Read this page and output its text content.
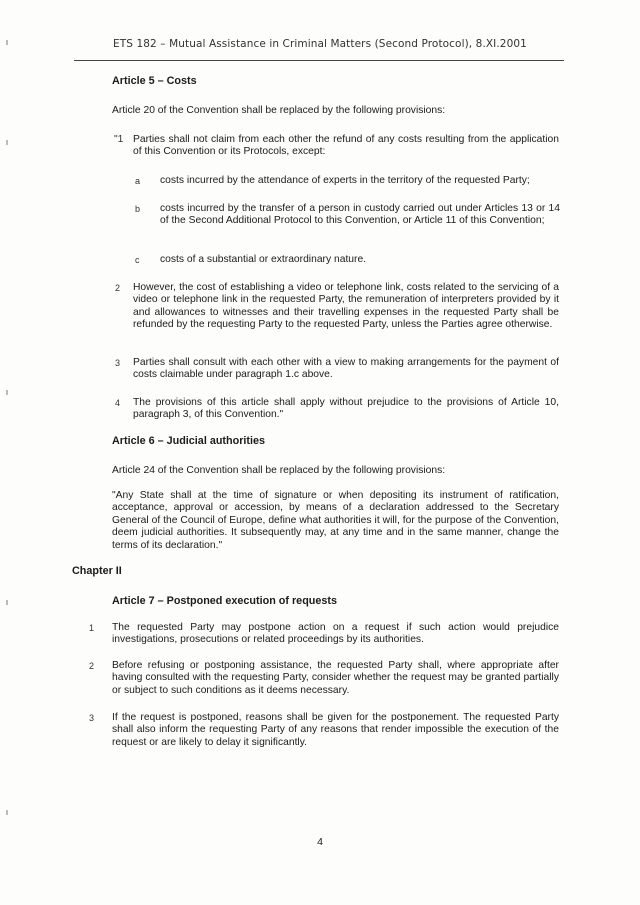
ETS 182 – Mutual Assistance in Criminal Matters (Second Protocol), 8.XI.2001
Article 5 – Costs
Article 20 of the Convention shall be replaced by the following provisions:
"1 Parties shall not claim from each other the refund of any costs resulting from the application of this Convention or its Protocols, except:
a costs incurred by the attendance of experts in the territory of the requested Party;
b costs incurred by the transfer of a person in custody carried out under Articles 13 or 14 of the Second Additional Protocol to this Convention, or Article 11 of this Convention;
c costs of a substantial or extraordinary nature.
2 However, the cost of establishing a video or telephone link, costs related to the servicing of a video or telephone link in the requested Party, the remuneration of interpreters provided by it and allowances to witnesses and their travelling expenses in the requested Party shall be refunded by the requesting Party to the requested Party, unless the Parties agree otherwise.
3 Parties shall consult with each other with a view to making arrangements for the payment of costs claimable under paragraph 1.c above.
4 The provisions of this article shall apply without prejudice to the provisions of Article 10, paragraph 3, of this Convention."
Article 6 – Judicial authorities
Article 24 of the Convention shall be replaced by the following provisions:
"Any State shall at the time of signature or when depositing its instrument of ratification, acceptance, approval or accession, by means of a declaration addressed to the Secretary General of the Council of Europe, define what authorities it will, for the purpose of the Convention, deem judicial authorities. It subsequently may, at any time and in the same manner, change the terms of its declaration."
Chapter II
Article 7 – Postponed execution of requests
1 The requested Party may postpone action on a request if such action would prejudice investigations, prosecutions or related proceedings by its authorities.
2 Before refusing or postponing assistance, the requested Party shall, where appropriate after having consulted with the requesting Party, consider whether the request may be granted partially or subject to such conditions as it deems necessary.
3 If the request is postponed, reasons shall be given for the postponement. The requested Party shall also inform the requesting Party of any reasons that render impossible the execution of the request or are likely to delay it significantly.
4
